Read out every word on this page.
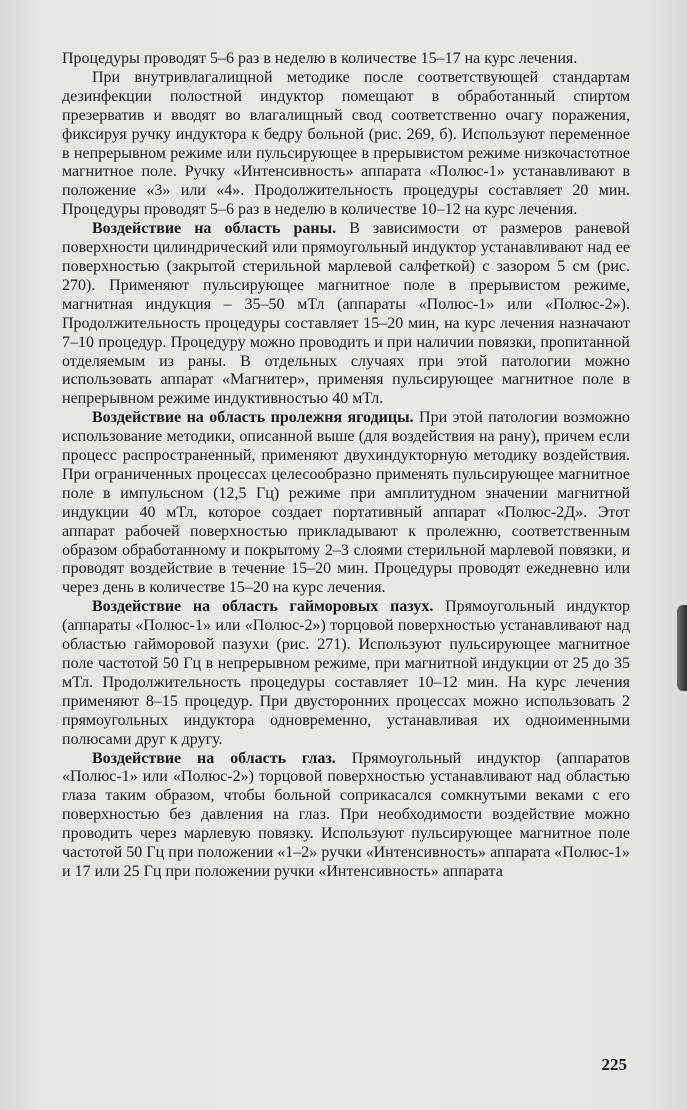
Процедуры проводят 5–6 раз в неделю в количестве 15–17 на курс лечения.

При внутривлагалищной методике после соответствующей стандартам дезинфекции полостной индуктор помещают в обработанный спиртом презерватив и вводят во влагалищный свод соответственно очагу поражения, фиксируя ручку индуктора к бедру больной (рис. 269, б). Используют переменное в непрерывном режиме или пульсирующее в прерывистом режиме низкочастотное магнитное поле. Ручку «Интенсивность» аппарата «Полюс-1» устанавливают в положение «3» или «4». Продолжительность процедуры составляет 20 мин. Процедуры проводят 5–6 раз в неделю в количестве 10–12 на курс лечения.

Воздействие на область раны. В зависимости от размеров раневой поверхности цилиндрический или прямоугольный индуктор устанавливают над ее поверхностью (закрытой стерильной марлевой салфеткой) с зазором 5 см (рис. 270). Применяют пульсирующее магнитное поле в прерывистом режиме, магнитная индукция – 35–50 мТл (аппараты «Полюс-1» или «Полюс-2»). Продолжительность процедуры составляет 15–20 мин, на курс лечения назначают 7–10 процедур. Процедуру можно проводить и при наличии повязки, пропитанной отделяемым из раны. В отдельных случаях при этой патологии можно использовать аппарат «Магнитер», применяя пульсирующее магнитное поле в непрерывном режиме индуктивностью 40 мТл.

Воздействие на область пролежня ягодицы. При этой патологии возможно использование методики, описанной выше (для воздействия на рану), причем если процесс распространенный, применяют двухиндукторную методику воздействия. При ограниченных процессах целесообразно применять пульсирующее магнитное поле в импульсном (12,5 Гц) режиме при амплитудном значении магнитной индукции 40 мТл, которое создает портативный аппарат «Полюс-2Д». Этот аппарат рабочей поверхностью прикладывают к пролежню, соответственным образом обработанному и покрытому 2–3 слоями стерильной марлевой повязки, и проводят воздействие в течение 15–20 мин. Процедуры проводят ежедневно или через день в количестве 15–20 на курс лечения.

Воздействие на область гайморовых пазух. Прямоугольный индуктор (аппараты «Полюс-1» или «Полюс-2») торцовой поверхностью устанавливают над областью гайморовой пазухи (рис. 271). Используют пульсирующее магнитное поле частотой 50 Гц в непрерывном режиме, при магнитной индукции от 25 до 35 мТл. Продолжительность процедуры составляет 10–12 мин. На курс лечения применяют 8–15 процедур. При двусторонних процессах можно использовать 2 прямоугольных индуктора одновременно, устанавливая их одноименными полюсами друг к другу.

Воздействие на область глаз. Прямоугольный индуктор (аппаратов «Полюс-1» или «Полюс-2») торцовой поверхностью устанавливают над областью глаза таким образом, чтобы больной соприкасался сомкнутыми веками с его поверхностью без давления на глаз. При необходимости воздействие можно проводить через марлевую повязку. Используют пульсирующее магнитное поле частотой 50 Гц при положении «1–2» ручки «Интенсивность» аппарата «Полюс-1» и 17 или 25 Гц при положении ручки «Интенсивность» аппарата

225
